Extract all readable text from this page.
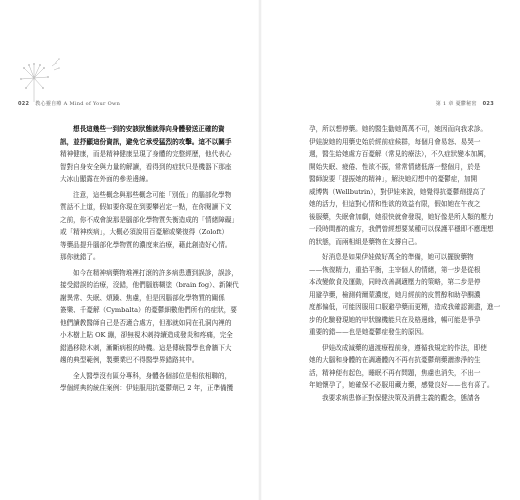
022 教心靈自療 A Mind of Your Own
想長這幾些一到的安該狀態就得向身體發送正確的資
訊，並抒顯這份資訊，避免它承受猛烈的攻擊。這不以關手
精神健康，而是精神健康呈現了身體的完整經歷，他代表心
智對自身安全與力量的解讀，看得到的症狀只是機器下那座
大冰山顯露在外面的參差邊線。
注意，這些概念與那些概念可能「別低」的腦部化學物
質話不上道，假如要你現在到要攀岩定一點，在你閱讀下文
之前，你不成會說那是腦部化學物質失衡造成的「情緒障礙」
或「精神疾病」，大概必須說用百憂解或樂復得（Zoloft）
等藥品提升腦部化學物質的濃度來治療，藉此創造好心情。
那你就錯了。
如今在精神病藥物堆裡打滾的許多病患遭到誤診，誤診，
接受錯誤的治療，沒錯，他們腦筋糊塗（brain fog）、新陳代
謝異常、失眠、煩躁、焦慮，但是因腦部化學物質的關係
簽樂、千憂解（Cymbalta）的憂鬱細數他們所有的症狀，要
他們讀教醫師自己是否適合處方，但那就如同在孔洞內裡的
小木樹上貼 OK 繃，卻無視木刺持續造成發炎和疼痛，完全
錯過移除木刺，漸斷病根的時機。這是傳統醫學也會牆下大
趨的典型範例，製藥業巴不得醫學界錯路其中。
全人醫學沒有區分專科，身體各個部位是相依相聯的，
學個經典的統住案例：伊娃服用抗憂鬱劑已 2 年，正準備攬
第 1 章 憂鬱秘密 023
孕，所以想停藥。她的醫生勸她萬萬不可，她因而向我求診。
伊娃說她的用藥史始於經前症候群，每個月會易怒、易哭一
週，醫生給她處方百憂解（常見的療法），不久症狀變本加厲，
開始失眠、疲倦、性欲不振，常常情緒低落一整個月，於是
醫師說要「提振她的精神」，解決她幻想中的憂鬱症，加開
威博雋（Wellbutrin），對伊娃來說，她覺得抗憂鬱劑提高了
她的活力，但這對心情和性欲的效益有限，假如她在午夜之
後服藥，失眠會加劇，她很快就會發現，她好像是所人類的壓力
一段時間都的處方，我們曾經想要某種可以保護平穩即不應理想
的狀態，而兩相組是藥物在支撐自己。
好消息是如果伊娃做好萬全的準備，她可以擺脫藥物
——恢復精力，重拾平衡，主宰個人的情緒，第一步是從根
本改變飲食及運動，同時改善調適壓力的策略，第二步是停
用避孕藥，檢測荷爾蒙濃度，她月經前的皮質醇和助孕酮濃
度都偏低，可能因服用口服避孕藥而更糟，造成我確認測盡，進一
步的化驗發現她的甲狀腺機能只在及格邊緣，暢可能是爭孕
重要的錯——也是她憂鬱症發生的原因。
伊娃改成減藥的過渡療程前身，遵循我規定的作法，即使
她的大腦和身體的在調適體內不再有抗憂鬱劑藥灑渗淨的生
活，精神便有起色，睡眠不再有問題，焦慮也消失，不出一
年她懷孕了，她確保不必服用藏力藥，感覺良好——也有喜了。
我要求病患修正對保健決策及消費主義的觀念，態請各
